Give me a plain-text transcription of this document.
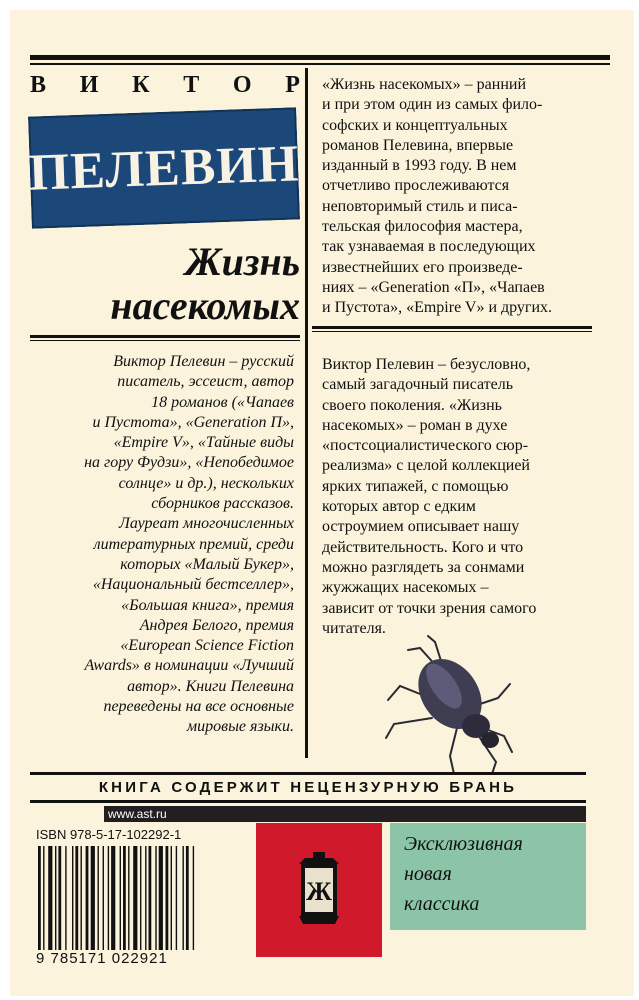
В И К Т О Р
ПЕЛЕВИН
Жизнь
насекомых
Виктор Пелевин – русский
писатель, эссеист, автор
18 романов («Чапаев
и Пустота», «Generation П»,
«Empire V», «Тайные виды
на гору Фудзи», «Непобедимое
солнце» и др.), нескольких
сборников рассказов.
Лауреат многочисленных
литературных премий, среди
которых «Малый Букер»,
«Национальный бестселлер»,
«Большая книга», премия
Андрея Белого, премия
«European Science Fiction
Awards» в номинации «Лучший
автор». Книги Пелевина
переведены на все основные
мировые языки.
«Жизнь насекомых» – ранний
и при этом один из самых фило-
софских и концептуальных
романов Пелевина, впервые
изданный в 1993 году. В нем
отчетливо прослеживаются
неповторимый стиль и писа-
тельская философия мастера,
так узнаваемая в последующих
известнейших его произведе-
ниях – «Generation «П», «Чапаев
и Пустота», «Empire V» и других.
Виктор Пелевин – безусловно,
самый загадочный писатель
своего поколения. «Жизнь
насекомых» – роман в духе
«постсоциалистического сюр-
реализма» с целой коллекцией
ярких типажей, с помощью
которых автор с едким
остроумием описывает нашу
действительность. Кого и что
можно разглядеть за сонмами
жужжащих насекомых –
зависит от точки зрения самого
читателя.
КНИГА СОДЕРЖИТ НЕЦЕНЗУРНУЮ БРАНЬ
www.ast.ru
ISBN 978-5-17-102292-1
9 785171 022921
Ж
Эксклюзивная
новая
классика
